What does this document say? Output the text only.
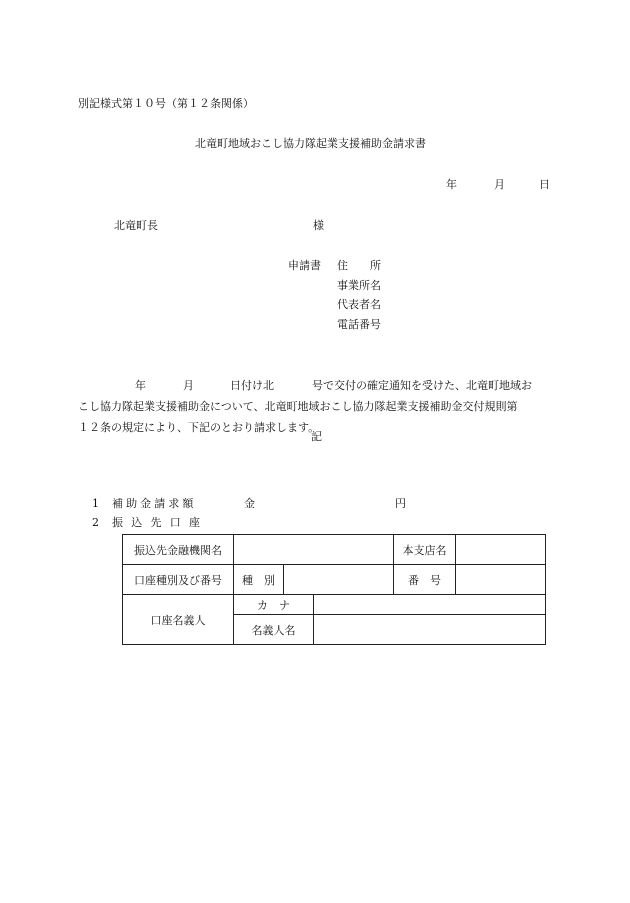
別記様式第１０号（第１２条関係）
北竜町地域おこし協力隊起業支援補助金請求書
年	月	日
北竜町長	様
申請書 住　　所
事業所名
代表者名
電話番号
年	月	日付け北	号で交付の確定通知を受けた、北竜町地域お
こし協力隊起業支援補助金について、北竜町地域おこし協力隊起業支援補助金交付規則第
１２条の規定により、下記のとおり請求します。
記
1 補助金請求額	金	円
2 振込先口座
振込先金融機関名				本支店名	
口座種別及び番号	種　別			番　号	
口座名義人	カ　ナ				
	名義人名				
